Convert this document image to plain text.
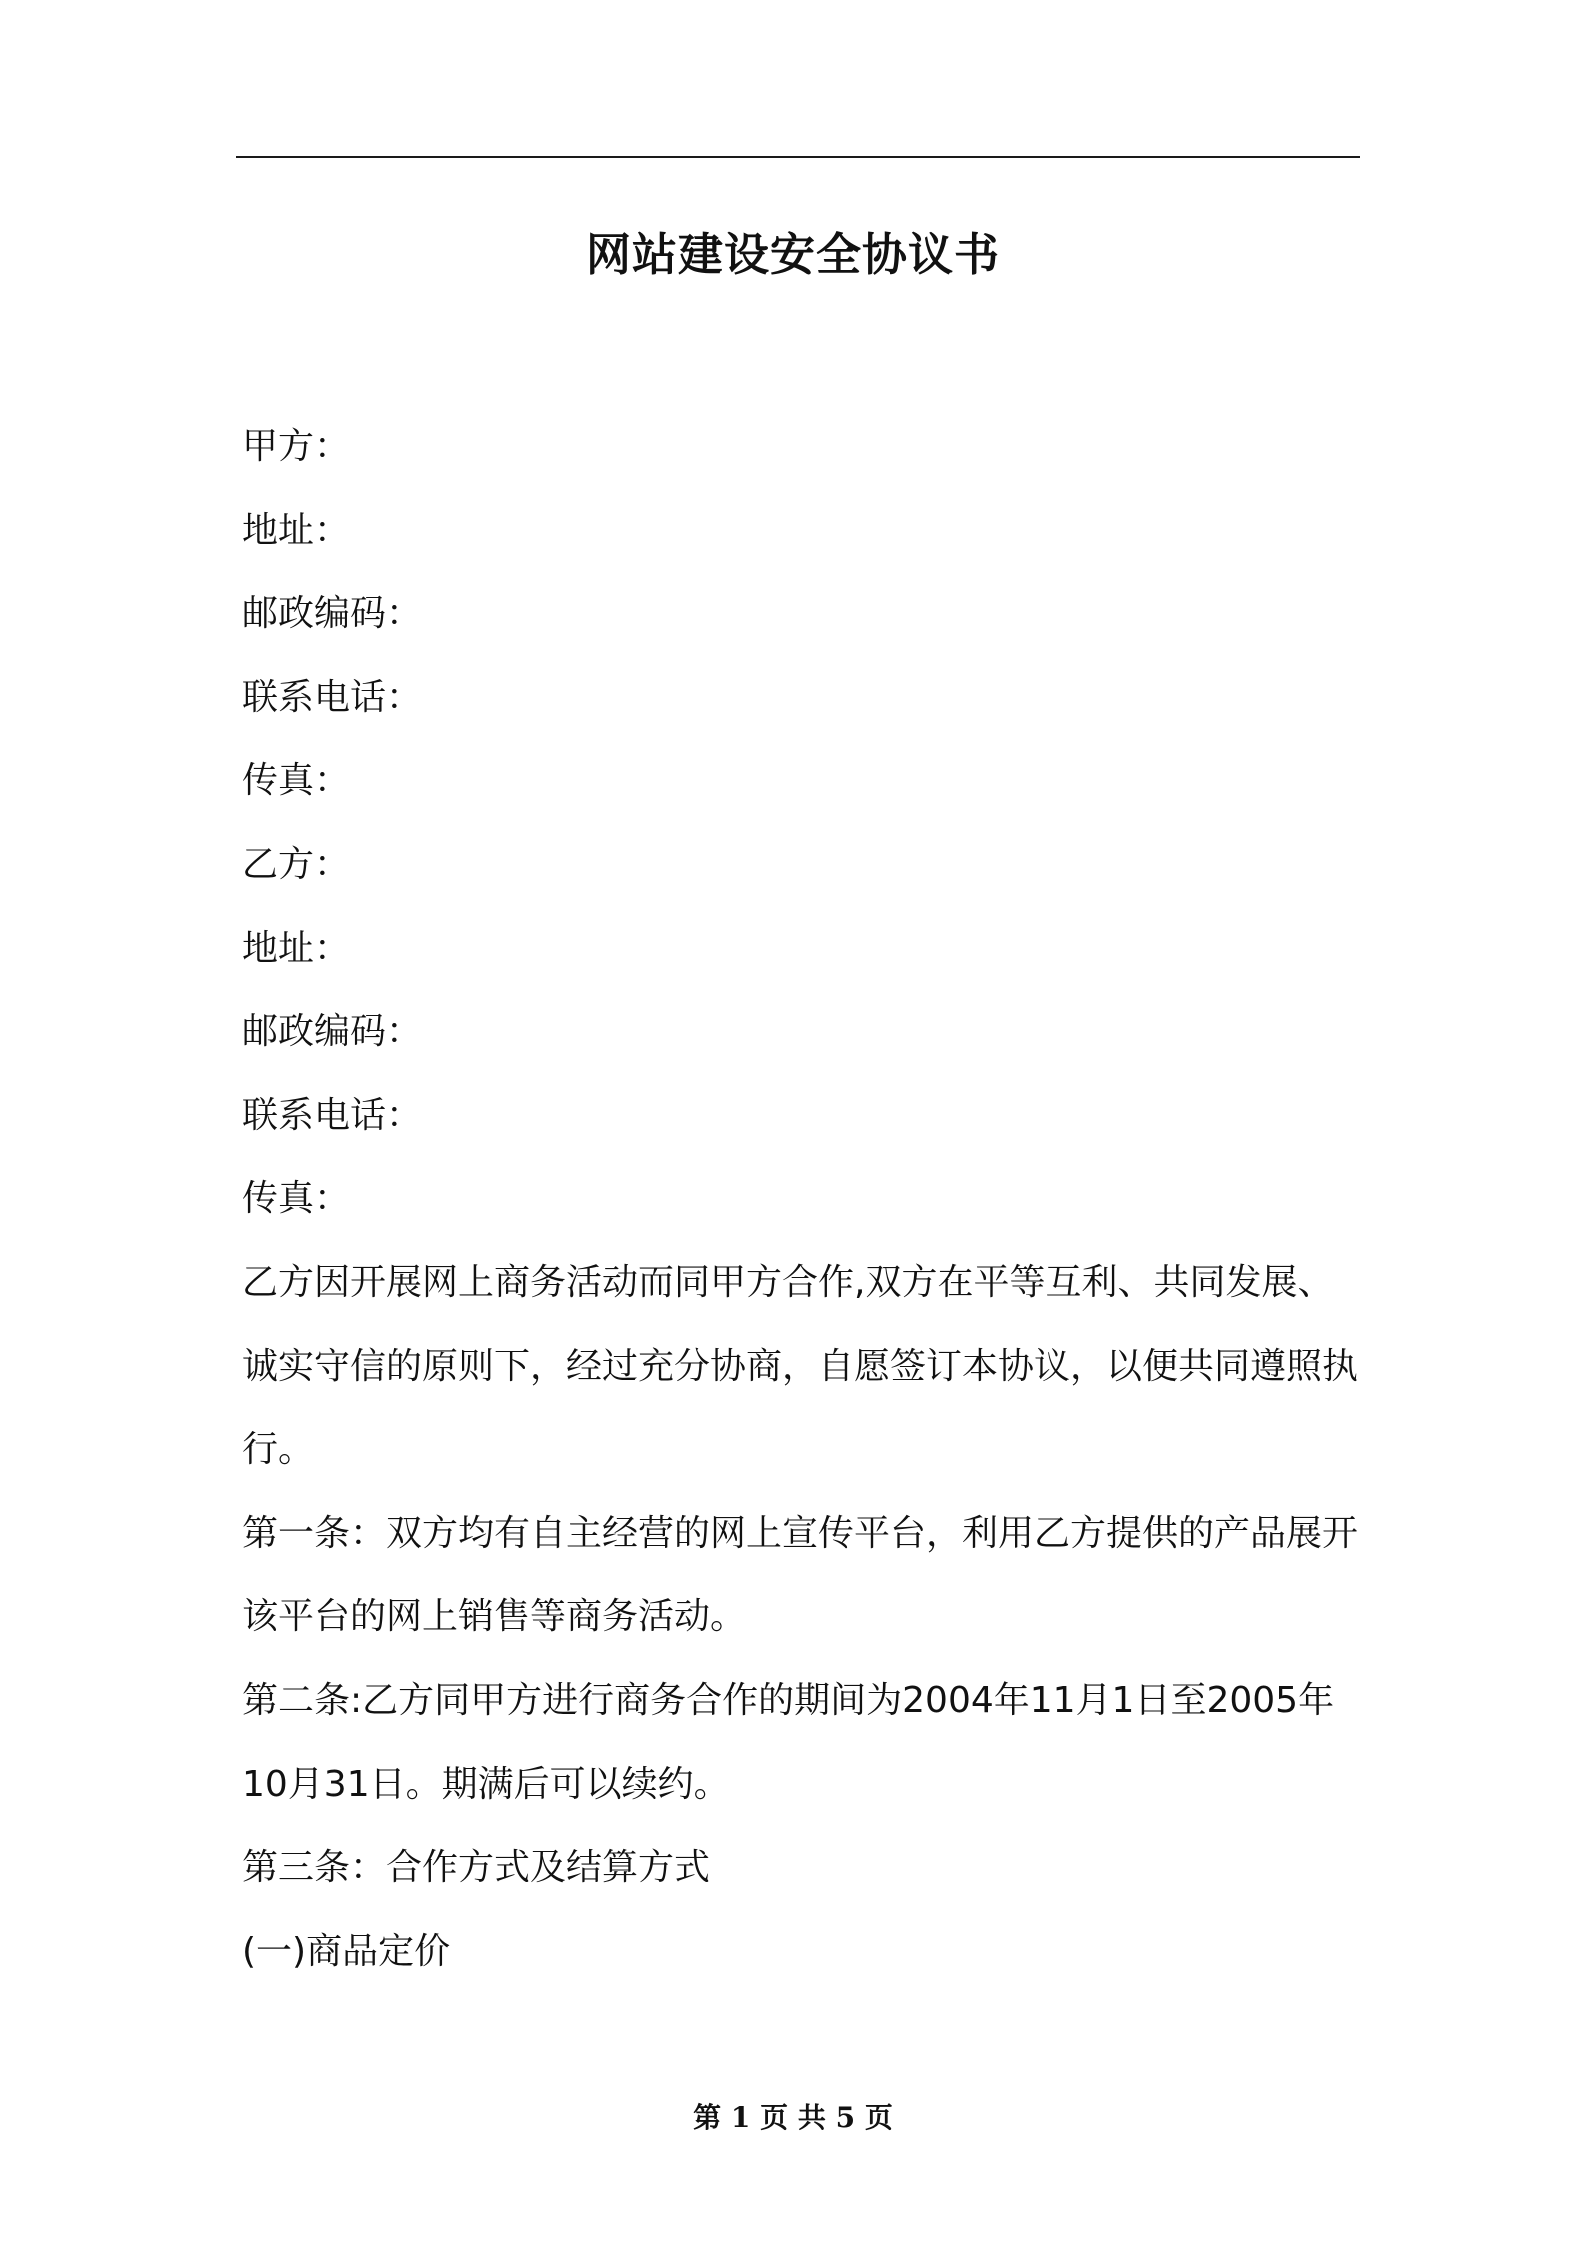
网站建设安全协议书

甲方：

地址：

邮政编码：

联系电话：

传真：

乙方：

地址：

邮政编码：

联系电话：

传真：

乙方因开展网上商务活动而同甲方合作,双方在平等互利、共同发展、诚实守信的原则下，经过充分协商，自愿签订本协议，以便共同遵照执行。

第一条：双方均有自主经营的网上宣传平台，利用乙方提供的产品展开该平台的网上销售等商务活动。

第二条:乙方同甲方进行商务合作的期间为2004年11月1日至2005年10月31日。期满后可以续约。

第三条：合作方式及结算方式

(一)商品定价

第 1 页 共 5 页
